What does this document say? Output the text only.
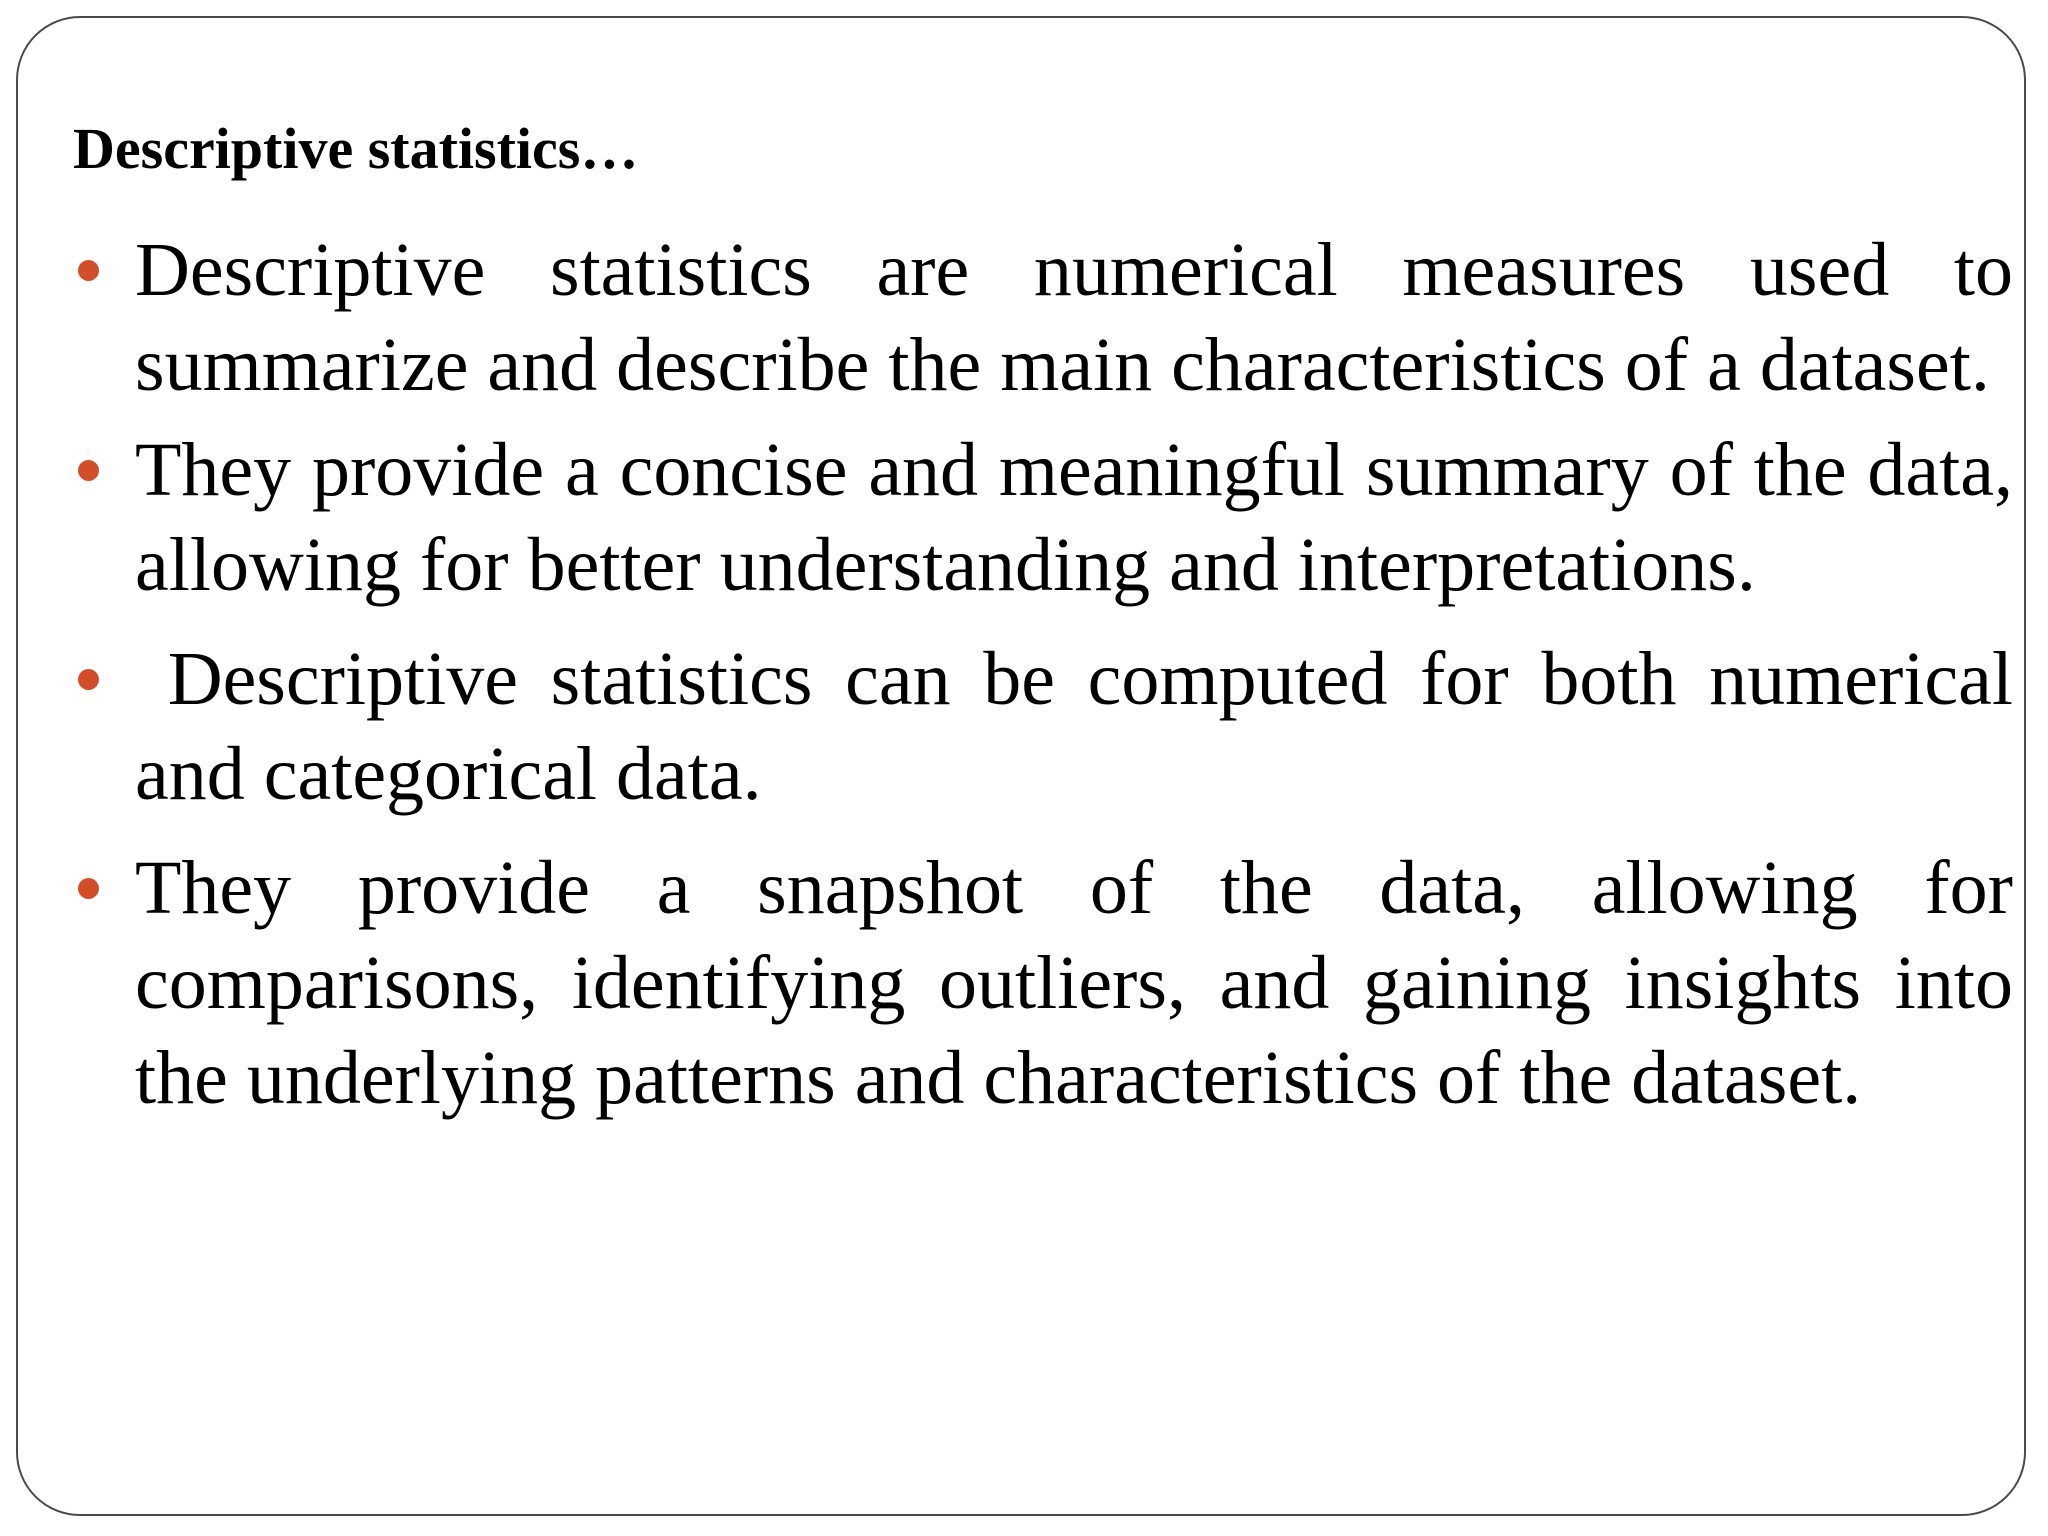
Descriptive statistics…
Descriptive statistics are numerical measures used to summarize and describe the main characteristics of a dataset.
They provide a concise and meaningful summary of the data, allowing for better understanding and interpretations.
Descriptive statistics can be computed for both numerical and categorical data.
They provide a snapshot of the data, allowing for comparisons, identifying outliers, and gaining insights into the underlying patterns and characteristics of the dataset.
